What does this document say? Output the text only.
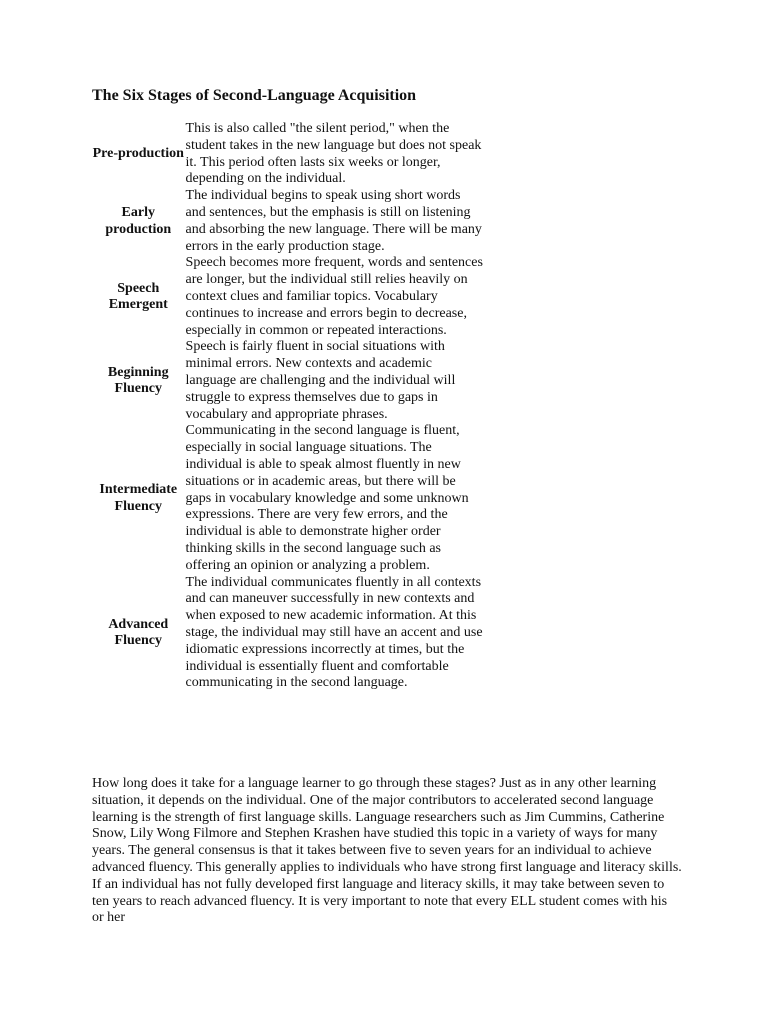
The Six Stages of Second-Language Acquisition
Pre-production	This is also called "the silent period," when the student takes in the new language but does not speak it. This period often lasts six weeks or longer, depending on the individual.

Early production	The individual begins to speak using short words and sentences, but the emphasis is still on listening and absorbing the new language. There will be many errors in the early production stage.

Speech Emergent	Speech becomes more frequent, words and sentences are longer, but the individual still relies heavily on context clues and familiar topics. Vocabulary continues to increase and errors begin to decrease, especially in common or repeated interactions.

Beginning Fluency	Speech is fairly fluent in social situations with minimal errors. New contexts and academic language are challenging and the individual will struggle to express themselves due to gaps in vocabulary and appropriate phrases.

Intermediate Fluency	Communicating in the second language is fluent, especially in social language situations. The individual is able to speak almost fluently in new situations or in academic areas, but there will be gaps in vocabulary knowledge and some unknown expressions. There are very few errors, and the individual is able to demonstrate higher order thinking skills in the second language such as offering an opinion or analyzing a problem.

Advanced Fluency	The individual communicates fluently in all contexts and can maneuver successfully in new contexts and when exposed to new academic information. At this stage, the individual may still have an accent and use idiomatic expressions incorrectly at times, but the individual is essentially fluent and comfortable communicating in the second language.

How long does it take for a language learner to go through these stages? Just as in any other learning situation, it depends on the individual. One of the major contributors to accelerated second language learning is the strength of first language skills. Language researchers such as Jim Cummins, Catherine Snow, Lily Wong Filmore and Stephen Krashen have studied this topic in a variety of ways for many years. The general consensus is that it takes between five to seven years for an individual to achieve advanced fluency. This generally applies to individuals who have strong first language and literacy skills. If an individual has not fully developed first language and literacy skills, it may take between seven to ten years to reach advanced fluency. It is very important to note that every ELL student comes with his or her
